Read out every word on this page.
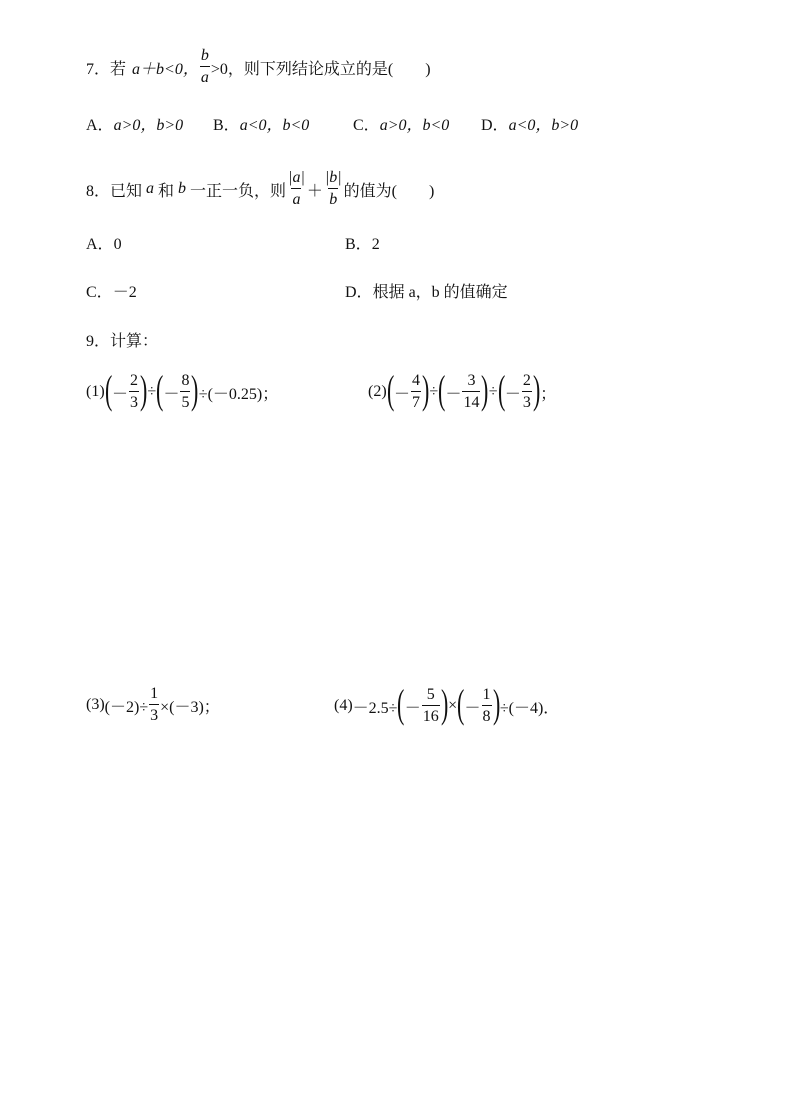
7． 若 a＋b<0， $\frac{b}{a} >0$，则下列结论成立的是(　　)
A．a>0，b>0 B．a<0，b<0	C．a>0，b<0 D．a<0，b>0
8． 已知 a 和 b 一正一负，则 $\frac{|a|}{a} + \frac{|b|}{b}$ 的值为(　　)
A．0	B．2
C．－2	D．根据 a，b 的值确定
9．计算：
(1) ( － $\frac{2}{3}$ ) ÷ ( － $\frac{8}{5}$ ) ÷(－0.25)；	(2) ( － $\frac{4}{7}$ ) ÷ ( － $\frac{3}{14}$ ) ÷ ( － $\frac{2}{3}$ ) ；
(3) $(-2)\div \frac{1}{3} \times(-3)$；	(4) －2.5÷ ( － $\frac{5}{16}$ ) × ( － $\frac{1}{8}$ ) ÷(－4)．
